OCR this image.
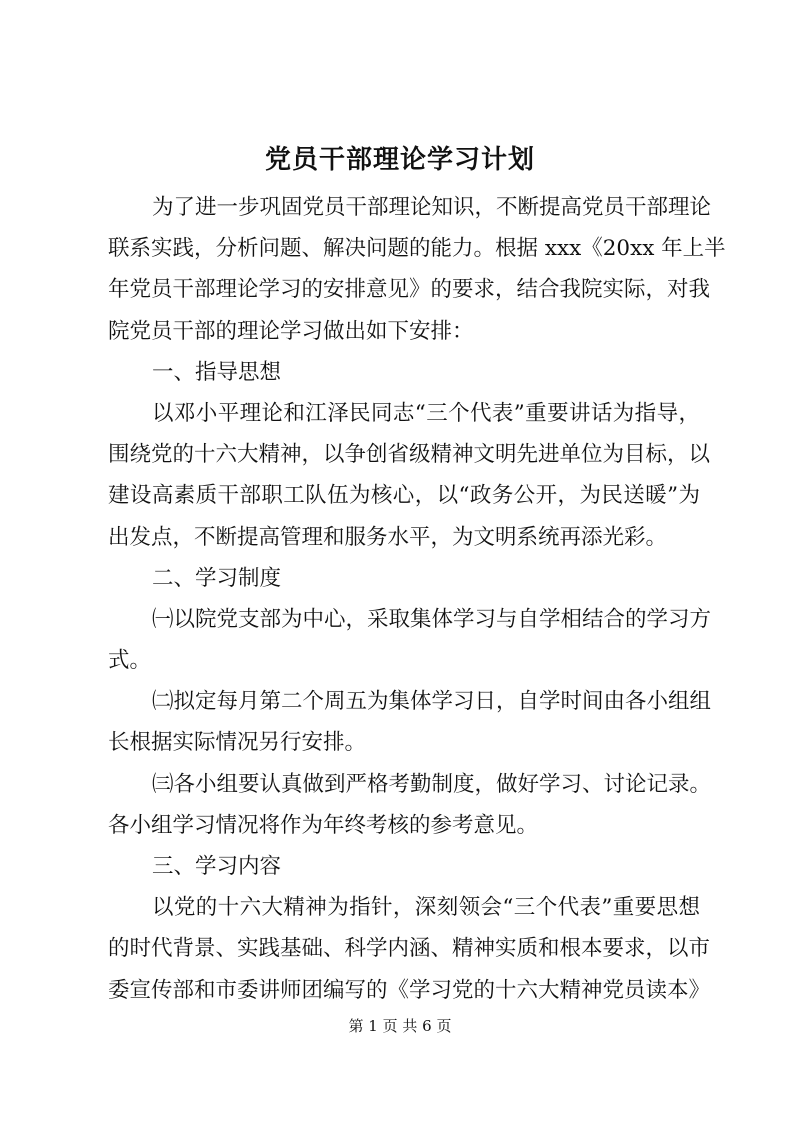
党员干部理论学习计划
为了进一步巩固党员干部理论知识，不断提高党员干部理论
联系实践，分析问题、解决问题的能力。根据 xxx《20xx 年上半
年党员干部理论学习的安排意见》的要求，结合我院实际，对我
院党员干部的理论学习做出如下安排：
一、指导思想
以邓小平理论和江泽民同志“三个代表”重要讲话为指导，
围绕党的十六大精神，以争创省级精神文明先进单位为目标，以
建设高素质干部职工队伍为核心，以“政务公开，为民送暖”为
出发点，不断提高管理和服务水平，为文明系统再添光彩。
二、学习制度
㈠以院党支部为中心，采取集体学习与自学相结合的学习方
式。
㈡拟定每月第二个周五为集体学习日，自学时间由各小组组
长根据实际情况另行安排。
㈢各小组要认真做到严格考勤制度，做好学习、讨论记录。
各小组学习情况将作为年终考核的参考意见。
三、学习内容
以党的十六大精神为指针，深刻领会“三个代表”重要思想
的时代背景、实践基础、科学内涵、精神实质和根本要求，以市
委宣传部和市委讲师团编写的《学习党的十六大精神党员读本》
第 1 页 共 6 页
